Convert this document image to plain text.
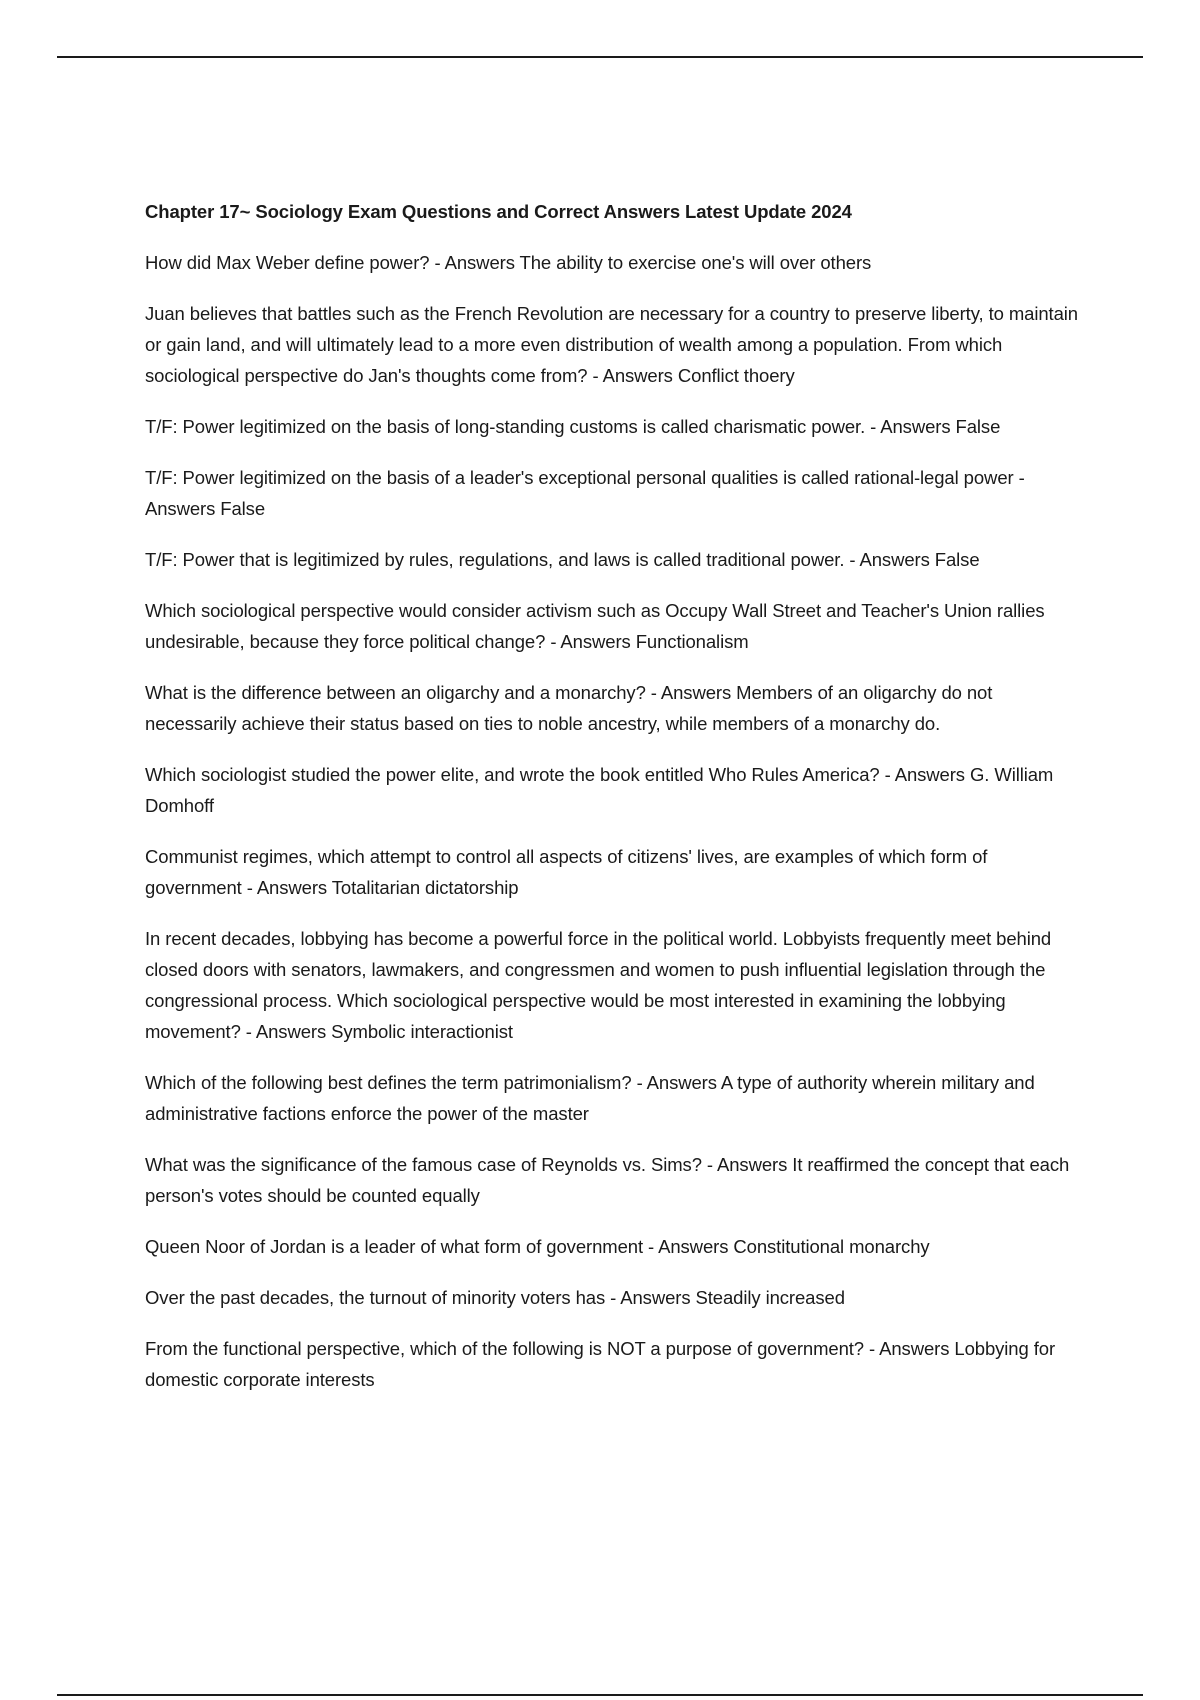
Chapter 17~ Sociology Exam Questions and Correct Answers Latest Update 2024
How did Max Weber define power? - Answers The ability to exercise one's will over others
Juan believes that battles such as the French Revolution are necessary for a country to preserve liberty, to maintain or gain land, and will ultimately lead to a more even distribution of wealth among a population. From which sociological perspective do Jan's thoughts come from? - Answers Conflict thoery
T/F: Power legitimized on the basis of long-standing customs is called charismatic power. - Answers False
T/F: Power legitimized on the basis of a leader's exceptional personal qualities is called rational-legal power - Answers False
T/F: Power that is legitimized by rules, regulations, and laws is called traditional power. - Answers False
Which sociological perspective would consider activism such as Occupy Wall Street and Teacher's Union rallies undesirable, because they force political change? - Answers Functionalism
What is the difference between an oligarchy and a monarchy? - Answers Members of an oligarchy do not necessarily achieve their status based on ties to noble ancestry, while members of a monarchy do.
Which sociologist studied the power elite, and wrote the book entitled Who Rules America? - Answers G. William Domhoff
Communist regimes, which attempt to control all aspects of citizens' lives, are examples of which form of government - Answers Totalitarian dictatorship
In recent decades, lobbying has become a powerful force in the political world. Lobbyists frequently meet behind closed doors with senators, lawmakers, and congressmen and women to push influential legislation through the congressional process. Which sociological perspective would be most interested in examining the lobbying movement? - Answers Symbolic interactionist
Which of the following best defines the term patrimonialism? - Answers A type of authority wherein military and administrative factions enforce the power of the master
What was the significance of the famous case of Reynolds vs. Sims? - Answers It reaffirmed the concept that each person's votes should be counted equally
Queen Noor of Jordan is a leader of what form of government - Answers Constitutional monarchy
Over the past decades, the turnout of minority voters has - Answers Steadily increased
From the functional perspective, which of the following is NOT a purpose of government? - Answers Lobbying for domestic corporate interests
